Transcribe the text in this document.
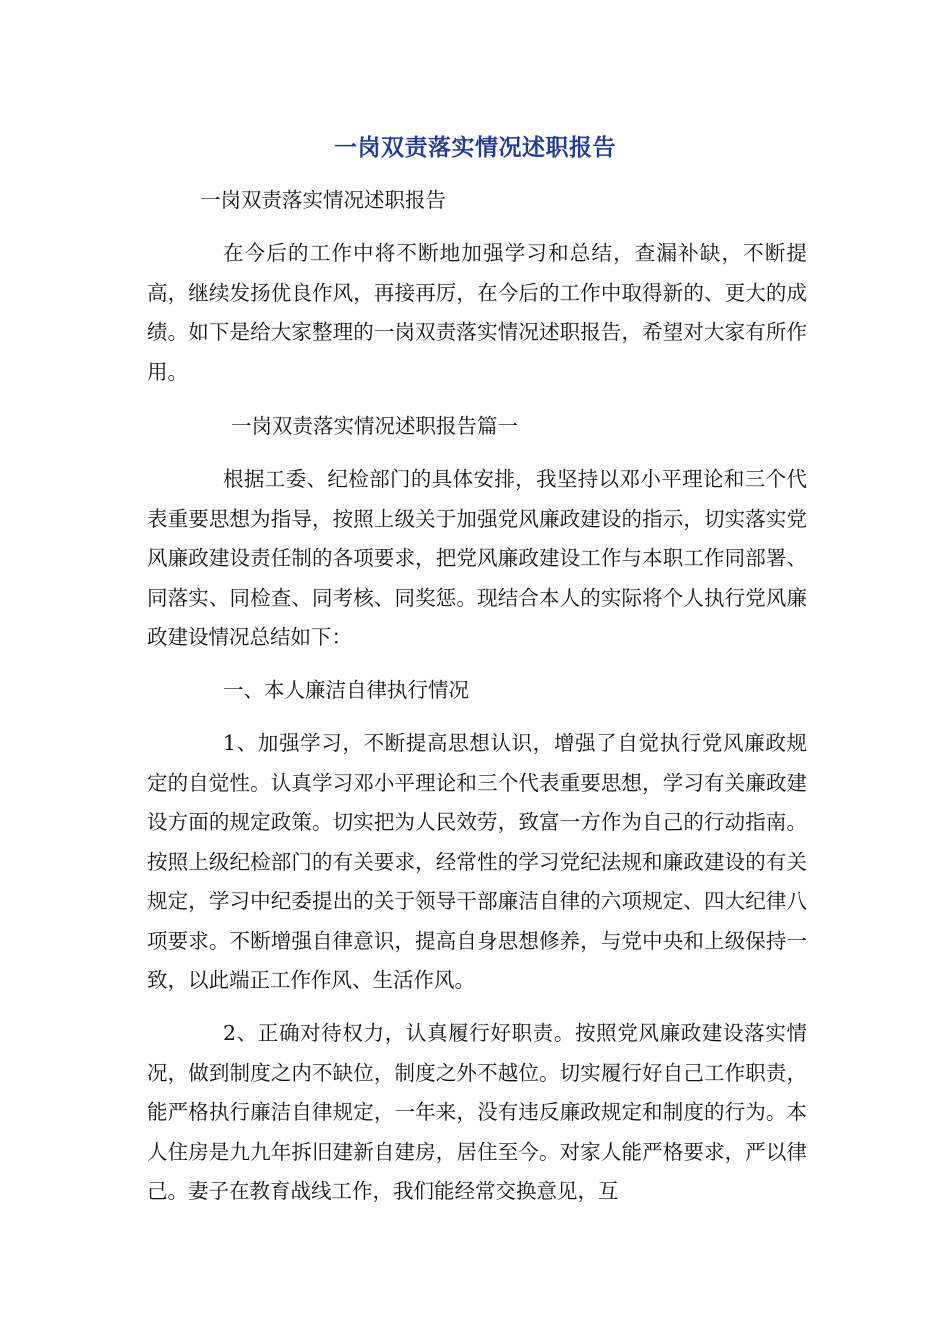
一岗双责落实情况述职报告

一岗双责落实情况述职报告

在今后的工作中将不断地加强学习和总结，查漏补缺，不断提高，继续发扬优良作风，再接再厉，在今后的工作中取得新的、更大的成绩。如下是给大家整理的一岗双责落实情况述职报告，希望对大家有所作用。

一岗双责落实情况述职报告篇一

根据工委、纪检部门的具体安排，我坚持以邓小平理论和三个代表重要思想为指导，按照上级关于加强党风廉政建设的指示，切实落实党风廉政建设责任制的各项要求，把党风廉政建设工作与本职工作同部署、同落实、同检查、同考核、同奖惩。现结合本人的实际将个人执行党风廉政建设情况总结如下：

一、本人廉洁自律执行情况

1、加强学习，不断提高思想认识，增强了自觉执行党风廉政规定的自觉性。认真学习邓小平理论和三个代表重要思想，学习有关廉政建设方面的规定政策。切实把为人民效劳，致富一方作为自己的行动指南。按照上级纪检部门的有关要求，经常性的学习党纪法规和廉政建设的有关规定，学习中纪委提出的关于领导干部廉洁自律的六项规定、四大纪律八项要求。不断增强自律意识，提高自身思想修养，与党中央和上级保持一致，以此端正工作作风、生活作风。

2、正确对待权力，认真履行好职责。按照党风廉政建设落实情况，做到制度之内不缺位，制度之外不越位。切实履行好自己工作职责，能严格执行廉洁自律规定，一年来，没有违反廉政规定和制度的行为。本人住房是九九年拆旧建新自建房，居住至今。对家人能严格要求，严以律己。妻子在教育战线工作，我们能经常交换意见，互
